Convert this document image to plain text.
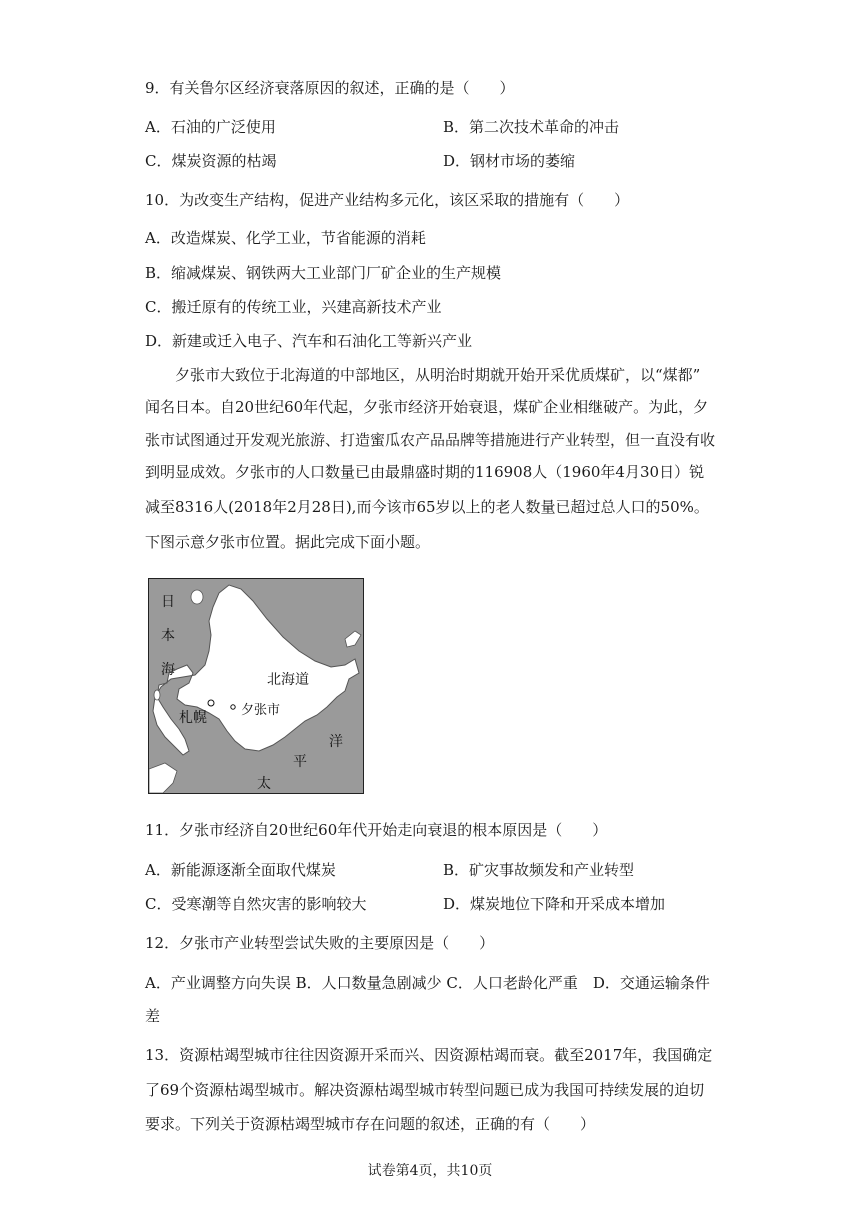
9．有关鲁尔区经济衰落原因的叙述，正确的是（　　）
A．石油的广泛使用	B．第二次技术革命的冲击
C．煤炭资源的枯竭	D．钢材市场的萎缩
10．为改变生产结构，促进产业结构多元化，该区采取的措施有（　　）
A．改造煤炭、化学工业，节省能源的消耗
B．缩减煤炭、钢铁两大工业部门厂矿企业的生产规模
C．搬迁原有的传统工业，兴建高新技术产业
D．新建或迁入电子、汽车和石油化工等新兴产业
　　夕张市大致位于北海道的中部地区，从明治时期就开始开采优质煤矿，以“煤都”
闻名日本。自20世纪60年代起，夕张市经济开始衰退，煤矿企业相继破产。为此，夕
张市试图通过开发观光旅游、打造蜜瓜农产品品牌等措施进行产业转型，但一直没有收
到明显成效。夕张市的人口数量已由最鼎盛时期的116908人（1960年4月30日）锐
减至8316人(2018年2月28日),而今该市65岁以上的老人数量已超过总人口的50%。
下图示意夕张市位置。据此完成下面小题。
日
本
海
北海道
札幌	夕张市
洋
平
太
11．夕张市经济自20世纪60年代开始走向衰退的根本原因是（　　）
A．新能源逐渐全面取代煤炭	B．矿灾事故频发和产业转型
C．受寒潮等自然灾害的影响较大	D．煤炭地位下降和开采成本增加
12．夕张市产业转型尝试失败的主要原因是（　　）
A．产业调整方向失误 B．人口数量急剧减少 C．人口老龄化严重　D．交通运输条件
差
13．资源枯竭型城市往往因资源开采而兴、因资源枯竭而衰。截至2017年，我国确定
了69个资源枯竭型城市。解决资源枯竭型城市转型问题已成为我国可持续发展的迫切
要求。下列关于资源枯竭型城市存在问题的叙述，正确的有（　　）
试卷第4页，共10页
